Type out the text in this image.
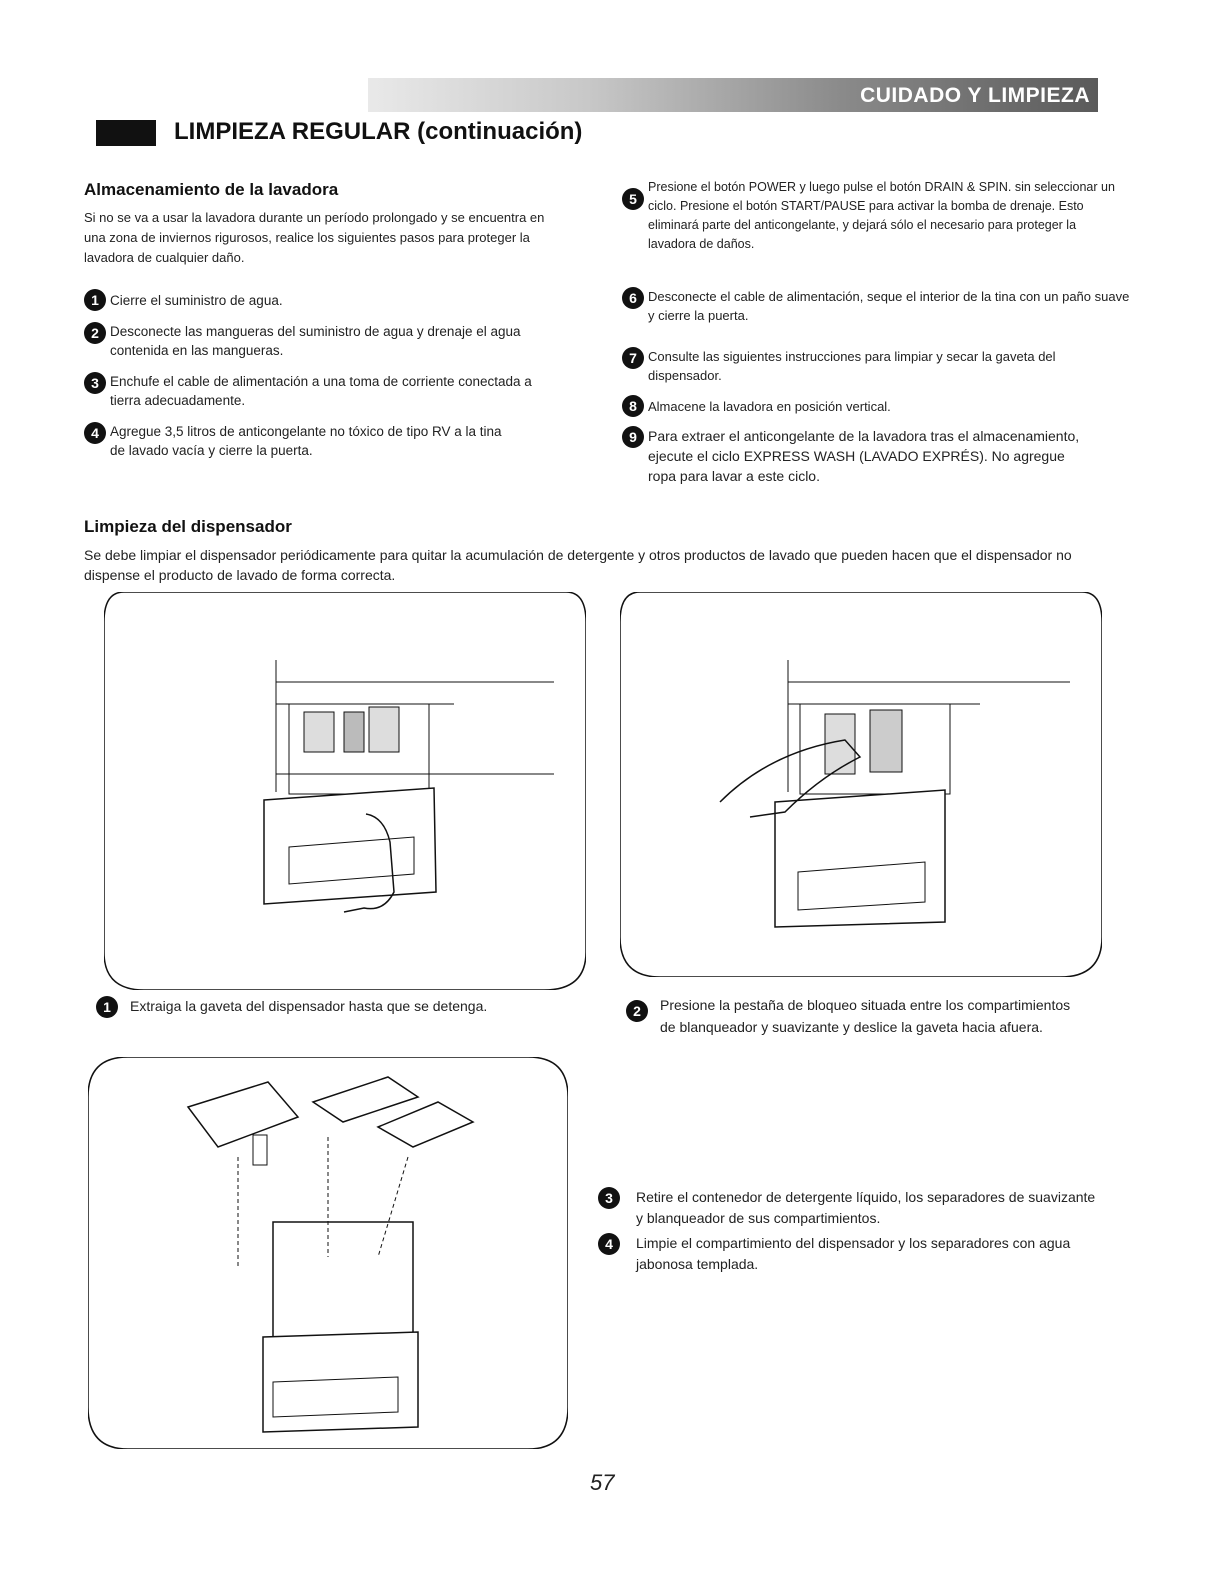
CUIDADO Y LIMPIEZA
LIMPIEZA REGULAR (continuación)
Almacenamiento de la lavadora
Si no se va a usar la lavadora durante un período prolongado y se encuentra en una zona de inviernos rigurosos, realice los siguientes pasos para proteger la lavadora de cualquier daño.
1 Cierre el suministro de agua.
2 Desconecte las mangueras del suministro de agua y drenaje el agua contenida en las mangueras.
3 Enchufe el cable de alimentación a una toma de corriente conectada a tierra adecuadamente.
4 Agregue 3,5 litros de anticongelante no tóxico de tipo RV a la tina de lavado vacía y cierre la puerta.
5
Presione el botón POWER y luego pulse el botón DRAIN & SPIN. sin seleccionar un ciclo. Presione el botón START/PAUSE para activar la bomba de drenaje. Esto eliminará parte del anticongelante, y dejará sólo el necesario para proteger la lavadora de daños.
6 Desconecte el cable de alimentación, seque el interior de la tina con un paño suave y cierre la puerta.
7 Consulte las siguientes instrucciones para limpiar y secar la gaveta del dispensador.
8 Almacene la lavadora en posición vertical.
9 Para extraer el anticongelante de la lavadora tras el almacenamiento, ejecute el ciclo EXPRESS WASH (LAVADO EXPRÉS). No agregue ropa para lavar a este ciclo.
Limpieza del dispensador
Se debe limpiar el dispensador periódicamente para quitar la acumulación de detergente y otros productos de lavado que pueden hacen que el dispensador no dispense el producto de lavado de forma correcta.
1	Extraiga la gaveta del dispensador hasta que se detenga.	2	Presione la pestaña de bloqueo situada entre los compartimientos de blanqueador y suavizante y deslice la gaveta hacia afuera.
3	Retire el contenedor de detergente líquido, los separadores de suavizante y blanqueador de sus compartimientos.
4	Limpie el compartimiento del dispensador y los separadores con agua jabonosa templada.
57
